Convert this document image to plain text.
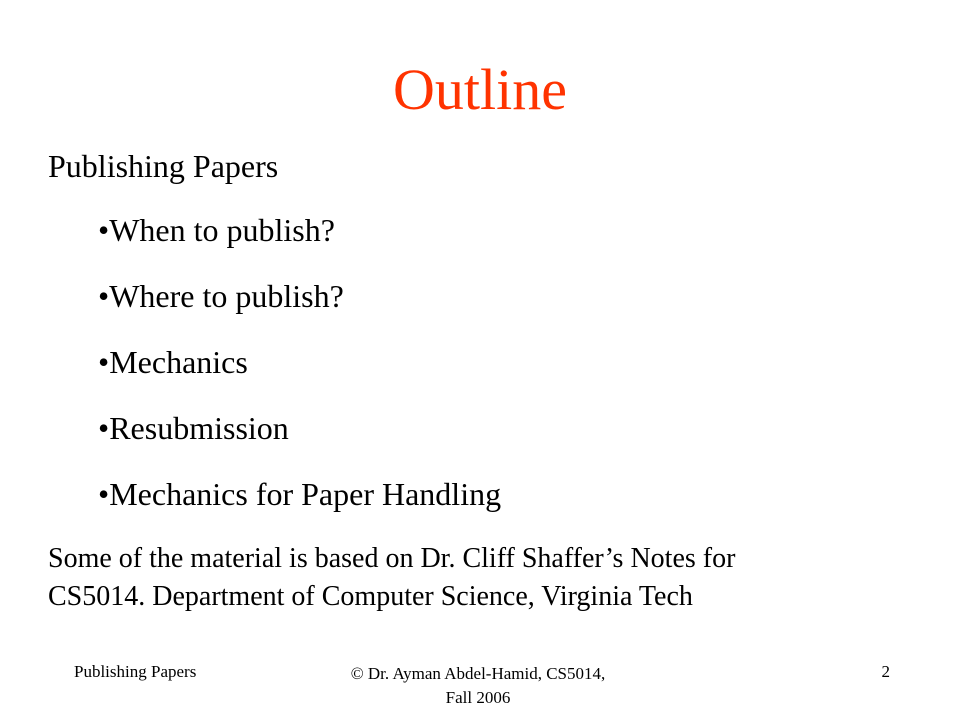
Outline
Publishing Papers
•When to publish?
•Where to publish?
•Mechanics
•Resubmission
•Mechanics for Paper Handling
Some of the material is based on Dr. Cliff Shaffer’s Notes for
CS5014. Department of Computer Science, Virginia Tech
Publishing Papers	© Dr. Ayman Abdel-Hamid, CS5014,
Fall 2006
2
